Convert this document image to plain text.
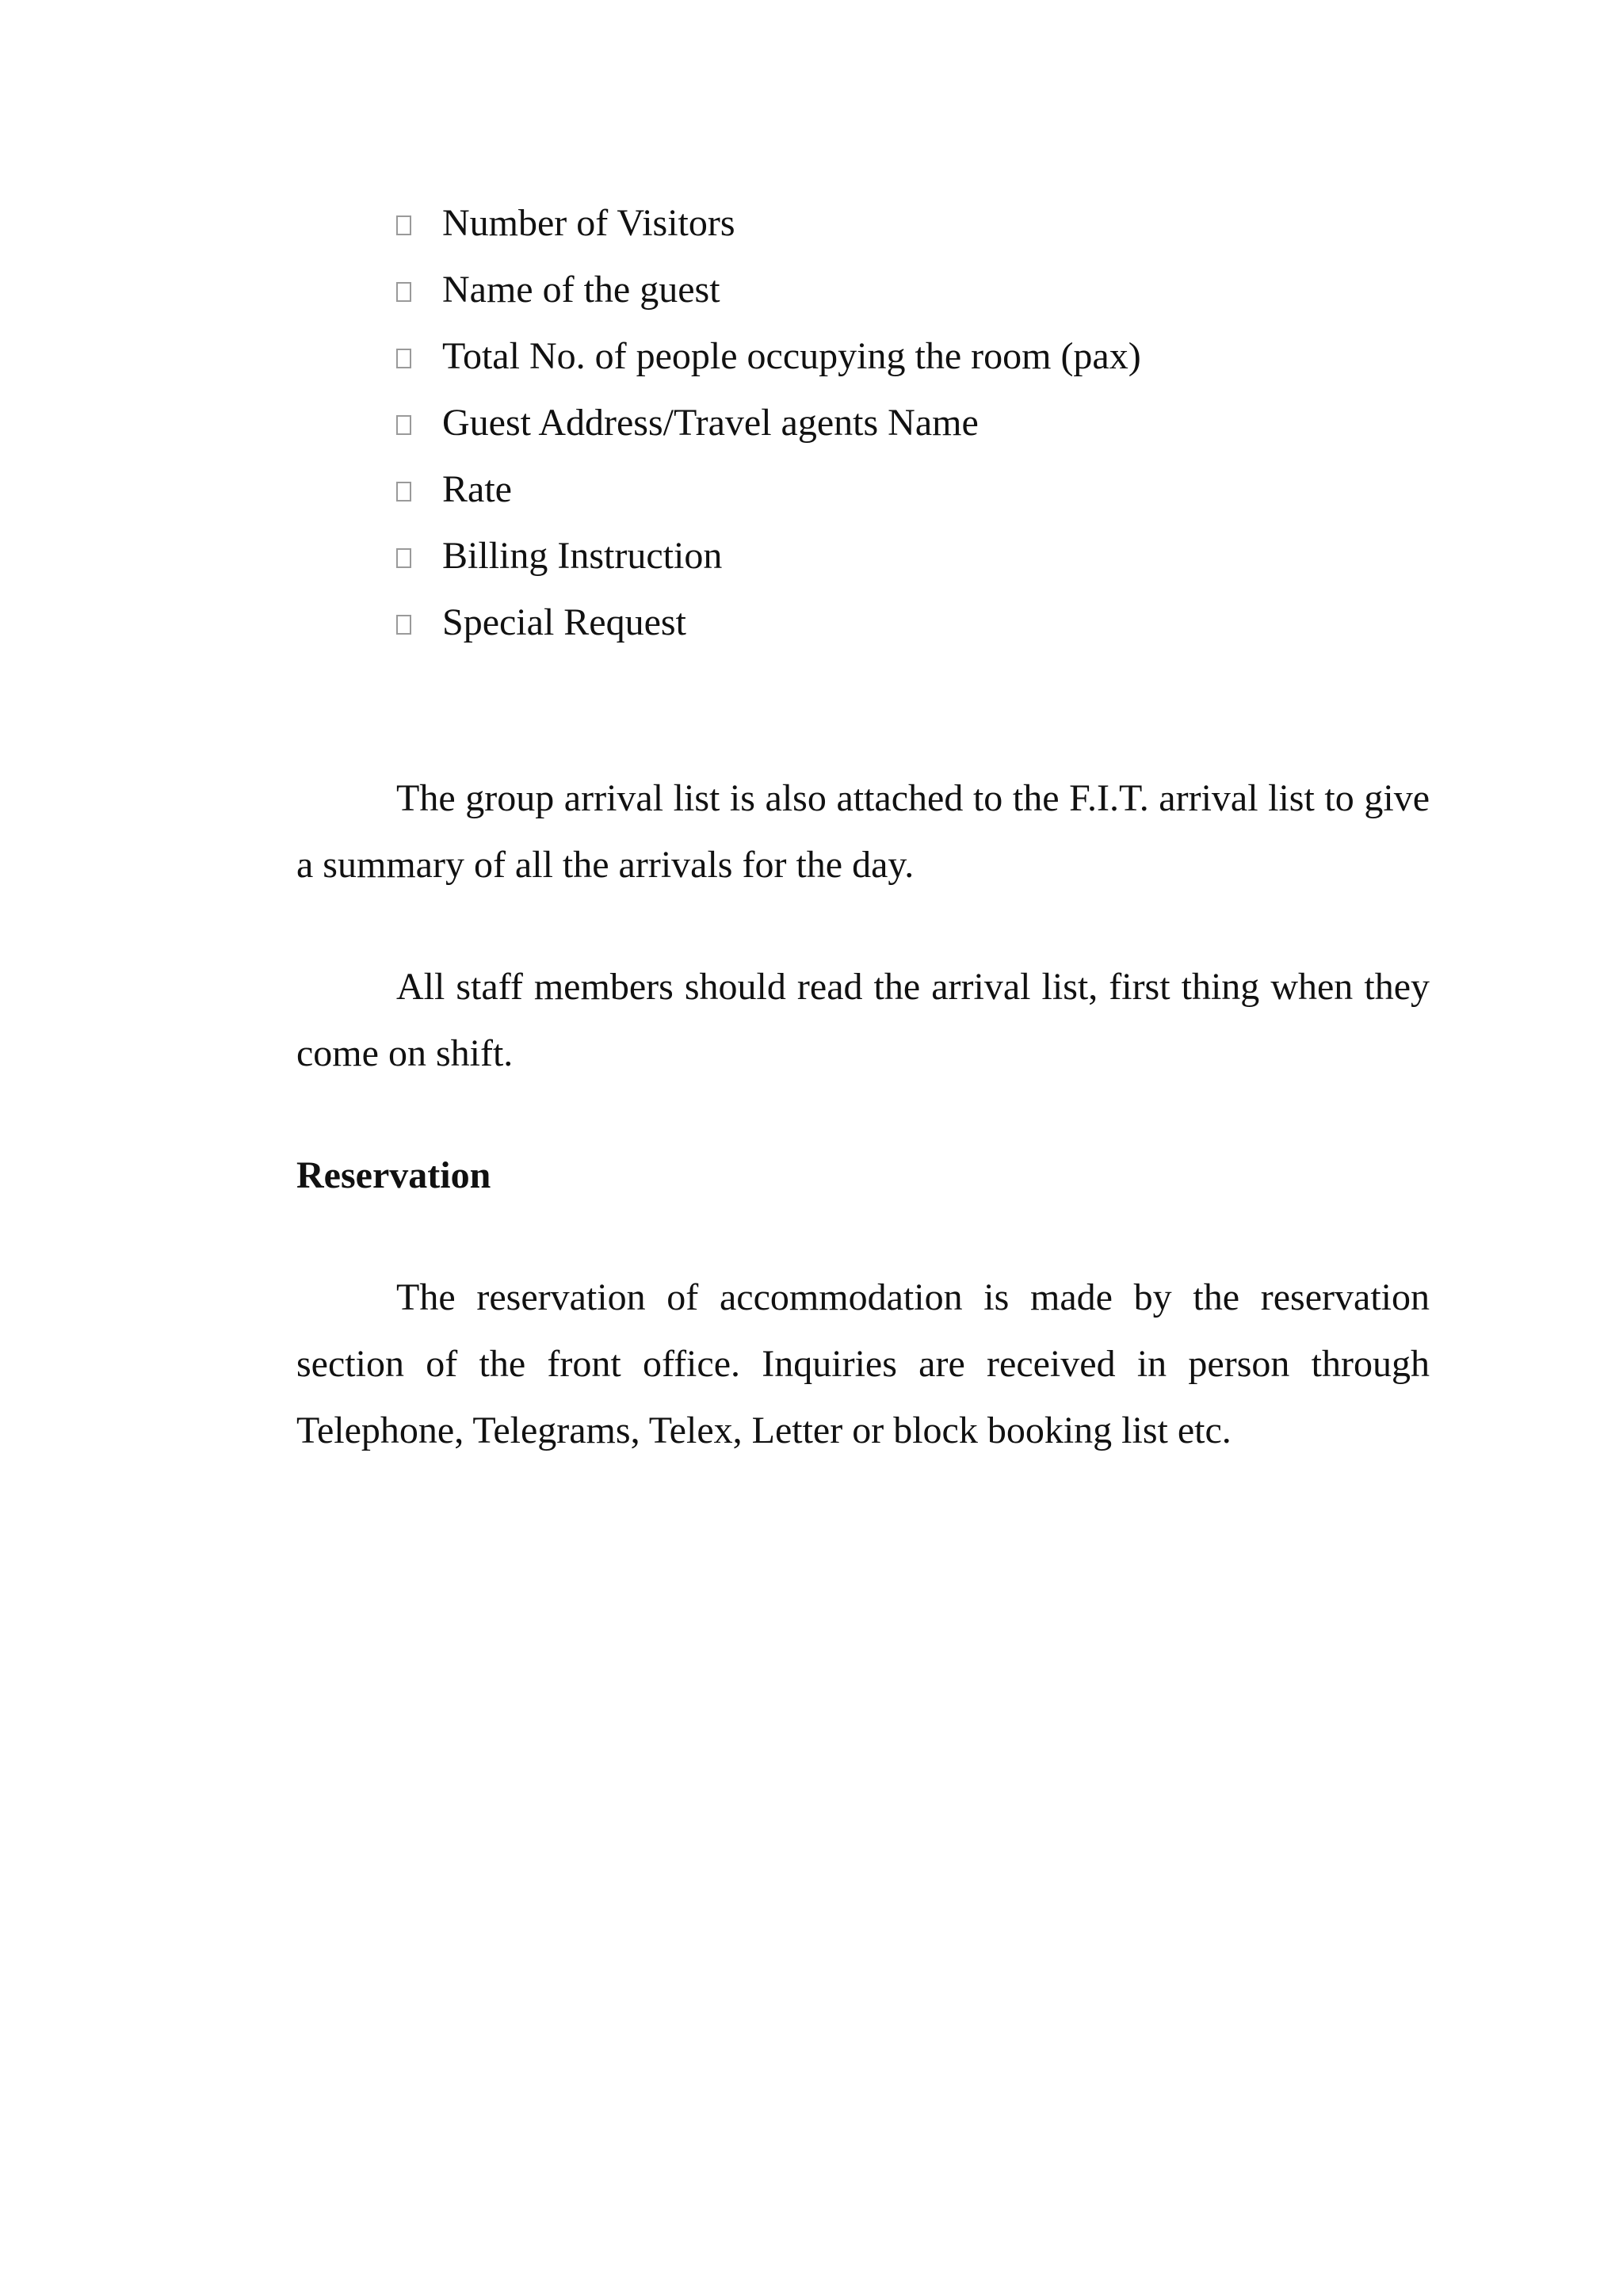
Number of Visitors
Name of the guest
Total No. of people occupying the room (pax)
Guest Address/Travel agents Name
Rate
Billing Instruction
Special Request

The group arrival list is also attached to the F.I.T. arrival list to give a summary of all the arrivals for the day.

All staff members should read the arrival list, first thing when they come on shift.

Reservation

The reservation of accommodation is made by the reservation section of the front office. Inquiries are received in person through Telephone, Telegrams, Telex, Letter or block booking list etc.
